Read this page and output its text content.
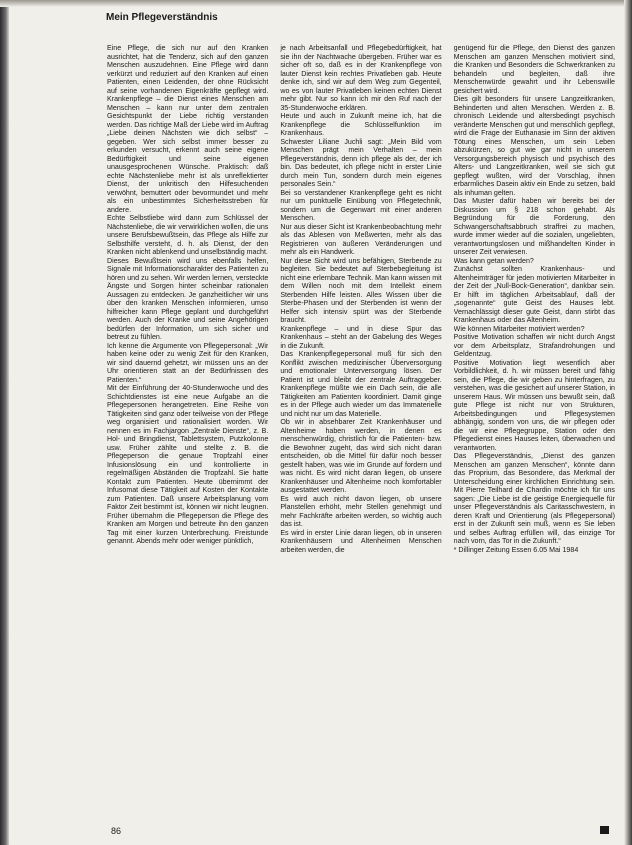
Mein Pflegeverständnis

Eine Pflege, die sich nur auf den Kranken ausrichtet, hat die Tendenz, sich auf den ganzen Menschen auszudehnen. Eine Pflege wird dann verkürzt und reduziert auf den Kranken auf einen Patienten, einen Leidenden, der ohne Rücksicht auf seine vorhandenen Eigenkräfte gepflegt wird. Krankenpflege – die Dienst eines Menschen am Menschen – kann nur unter dem zentralen Gesichtspunkt der Liebe richtig verstanden werden. Das richtige Maß der Liebe wird im Auftrag „Liebe deinen Nächsten wie dich selbst“ – gegeben. Wer sich selbst immer besser zu erkunden versucht, erkennt auch seine eigene Bedürftigkeit und seine eigenen unausgesprochenen Wünsche. Praktisch: daß echte Nächstenliebe mehr ist als unreflektierter Dienst, der unkritisch den Hilfesuchenden verwöhnt, bemuttert oder bevormundet und mehr als ein unbestimmtes Sicherheitsstreben für andere.

Echte Selbstliebe wird dann zum Schlüssel der Nächstenliebe, die wir verwirklichen wollen, die uns unsere Berufsbewußtsein, das Pflege als Hilfe zur Selbsthilfe versteht, d. h. als Dienst, der den Kranken nicht ablenkend und unselbständig macht.

Dieses Bewußtsein wird uns ebenfalls helfen, Signale mit Informationscharakter des Patienten zu hören und zu sehen. Wir werden lernen, versteckte Ängste und Sorgen hinter scheinbar rationalen Aussagen zu entdecken. Je ganzheitlicher wir uns über den kranken Menschen informieren, umso hilfreicher kann Pflege geplant und durchgeführt werden. Auch der Kranke und seine Angehörigen bedürfen der Information, um sich sicher und betreut zu fühlen.

Ich kenne die Argumente von Pflegepersonal: „Wir haben keine oder zu wenig Zeit für den Kranken, wir sind dauernd gehetzt, wir müssen uns an der Uhr orientieren statt an der Bedürfnissen des Patienten.“

Mit der Einführung der 40-Stundenwoche und des Schichtdienstes ist eine neue Aufgabe an die Pflegepersonen herangetreten. Eine Reihe von Tätigkeiten sind ganz oder teilweise von der Pflege weg organisiert und rationalisiert worden. Wir nennen es im Fachjargon „Zentrale Dienste“, z. B. Hol- und Bringdienst, Tablettsystem, Putzkolonne usw. Früher zählte und stellte z. B. die Pflegeperson die genaue Tropfzahl einer Infusionslösung ein und kontrollierte in regelmäßigen Abständen die Tropfzahl. Sie hatte Kontakt zum Patienten. Heute übernimmt der Infusomat diese Tätigkeit auf Kosten der Kontakte zum Patienten. Daß unsere Arbeitsplanung vom Faktor Zeit bestimmt ist, können wir nicht leugnen. Früher übernahm die Pflegeperson die Pflege des Kranken am Morgen und betreute ihn den ganzen Tag mit einer kurzen Unterbrechung. Freistunde genannt. Abends mehr oder weniger pünktlich,

je nach Arbeitsanfall und Pflegebedürftigkeit, hat sie ihn der Nachtwache übergeben. Früher war es sicher oft so, daß es in der Krankenpflege von lauter Dienst kein rechtes Privatleben gab. Heute denke ich, sind wir auf dem Weg zum Gegenteil, wo es von lauter Privatleben keinen echten Dienst mehr gibt. Nur so kann ich mir den Ruf nach der 35-Stundenwoche erklären.

Heute und auch in Zukunft meine ich, hat die Krankenpflege die Schlüsselfunktion im Krankenhaus.

Schwester Liliane Juchli sagt: „Mein Bild vom Menschen prägt mein Verhalten – mein Pflegeverständnis, denn ich pflege als der, der ich bin. Das bedeutet, ich pflege nicht in erster Linie durch mein Tun, sondern durch mein eigenes personales Sein.“

Bei so verstandener Krankenpflege geht es nicht nur um punktuelle Einübung von Pflegetechnik, sondern um die Gegenwart mit einer anderen Menschen.

Nur aus dieser Sicht ist Krankenbeobachtung mehr als das Ablesen von Meßwerten, mehr als das Registrieren von äußeren Veränderungen und mehr als ein Handwerk.

Nur diese Sicht wird uns befähigen, Sterbende zu begleiten. Sie bedeutet auf Sterbebegleitung ist nicht eine erlernbare Technik. Man kann wissen mit dem Willen noch mit dem Intellekt einem Sterbenden Hilfe leisten. Alles Wissen über die Sterbe-Phasen und der Sterbenden ist wenn der Helfer sich intensiv spürt was der Sterbende braucht.

Krankenpflege – und in diese Spur das Krankenhaus – steht an der Gabelung des Weges in die Zukunft.

Das Krankenpflegepersonal muß für sich den Konflikt zwischen medizinischer Überversorgung und emotionaler Unterversorgung lösen. Der Patient ist und bleibt der zentrale Auftraggeber. Krankenpflege müßte wie ein Dach sein, die alle Tätigkeiten am Patienten koordiniert. Damit ginge es in der Pflege auch wieder um das Immaterielle und nicht nur um das Materielle.

Ob wir in absehbarer Zeit Krankenhäuser und Altenheime haben werden, in denen es menschenwürdig, christlich für die Patienten- bzw. die Bewohner zugeht, das wird sich nicht daran entscheiden, ob die Mittel für dafür noch besser gestellt haben, was wie im Grunde auf fordern und was nicht. Es wird nicht daran liegen, ob unsere Krankenhäuser und Altenheime noch komfortabler ausgestattet werden.

Es wird auch nicht davon liegen, ob unsere Planstellen erhöht, mehr Stellen genehmigt und mehr Fachkräfte arbeiten werden, so wichtig auch das ist.

Es wird in erster Linie daran liegen, ob in unseren Krankenhäusern und Altenheimen Menschen arbeiten werden, die

genügend für die Pflege, den Dienst des ganzen Menschen am ganzen Menschen motiviert sind, die Kranken und Besonders die Schwerkranken zu behandeln und begleiten, daß ihre Menschenwürde gewahrt und ihr Lebenswille gesichert wird.

Dies gilt besonders für unsere Langzeitkranken, Behinderten und alten Menschen. Werden z. B. chronisch Leidende und altersbedingt psychisch veränderte Menschen gut und menschlich gepflegt, wird die Frage der Euthanasie im Sinn der aktiven Tötung eines Menschen, um sein Leben abzukürzen, so gut wie gar nicht in unserem Versorgungsbereich physisch und psychisch des Alters- und Langzeitkranken, weil sie sich gut gepflegt wußten, wird der Vorschlag, ihnen erbarmliches Dasein aktiv ein Ende zu setzen, bald als inhuman gelten.

Das Muster dafür haben wir bereits bei der Diskussion um § 218 schon gehabt. Als Begründung für die Forderung, den Schwangerschaftsabbruch straffrei zu machen, wurde immer wieder auf die sozialen, ungeliebten, verantwortungslosen und mißhandelten Kinder in unserer Zeit verwiesen.

Was kann getan werden?

Zunächst sollten Krankenhaus- und Altenheimträger für jeden motivierten Mitarbeiter in der Zeit der „Null-Bock-Generation“, dankbar sein. Er hilft im täglichen Arbeitsablauf, daß der „sogenannte“ gute Geist des Hauses lebt. Vernachlässigt dieser gute Geist, dann stirbt das Krankenhaus oder das Altenheim.

Wie können Mitarbeiter motiviert werden?

Positive Motivation schaffen wir nicht durch Angst vor dem Arbeitsplatz, Strafandrohungen und Geldentzug.

Positive Motivation liegt wesentlich aber Vorbildlichkeit, d. h. wir müssen bereit und fähig sein, die Pflege, die wir geben zu hinterfragen, zu verstehen, was die gesichert auf unserer Station, in unserem Haus. Wir müssen uns bewußt sein, daß gute Pflege ist nicht nur von Strukturen, Arbeitsbedingungen und Pflegesystemen abhängig, sondern von uns, die wir pflegen oder die wir eine Pflegegruppe, Station oder den Pflegedienst eines Hauses leiten, überwachen und verantworten.

Das Pflegeverständnis, „Dienst des ganzen Menschen am ganzen Menschen“, könnte dann das Proprium, das Besondere, das Merkmal der Unterscheidung einer kirchlichen Einrichtung sein. Mit Pierre Teilhard de Chardin möchte ich für uns sagen: „Die Liebe ist die geistige Energiequelle für unser Pflegeverständnis als Caritasschwestern, in deren Kraft und Orientierung (als Pflegepersonal) erst in der Zukunft sein muß, wenn es Sie leben und selbes Auftrag erfüllen will, das einzige Tor nach vorn, das Tor in die Zukunft.“

* Dillinger Zeitung Essen 6.05 Mai 1984

86
